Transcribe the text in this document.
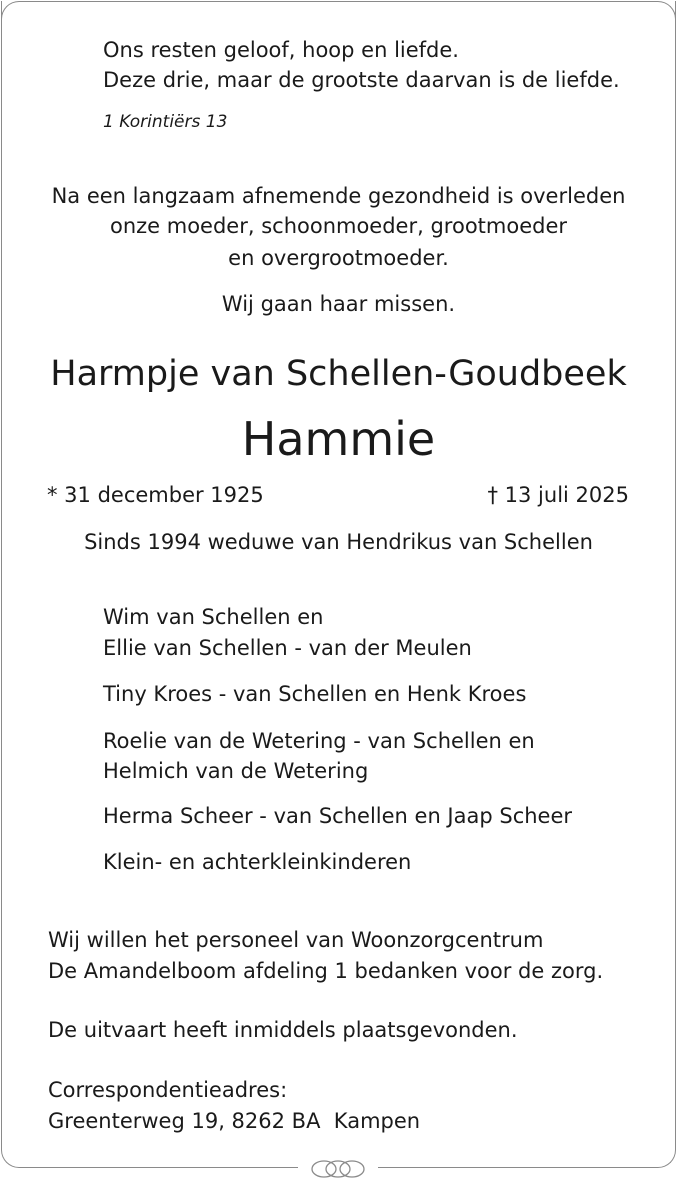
Ons resten geloof, hoop en liefde.
Deze drie, maar de grootste daarvan is de liefde.
1 Korintiërs 13
Na een langzaam afnemende gezondheid is overleden
onze moeder, schoonmoeder, grootmoeder
en overgrootmoeder.
Wij gaan haar missen.
Harmpje van Schellen-Goudbeek
Hammie
* 31 december 1925	† 13 juli 2025
Sinds 1994 weduwe van Hendrikus van Schellen
Wim van Schellen en
Ellie van Schellen - van der Meulen
Tiny Kroes - van Schellen en Henk Kroes
Roelie van de Wetering - van Schellen en
Helmich van de Wetering
Herma Scheer - van Schellen en Jaap Scheer
Klein- en achterkleinkinderen
Wij willen het personeel van Woonzorgcentrum
De Amandelboom afdeling 1 bedanken voor de zorg.
De uitvaart heeft inmiddels plaatsgevonden.
Correspondentieadres:
Greenterweg 19, 8262 BA  Kampen
